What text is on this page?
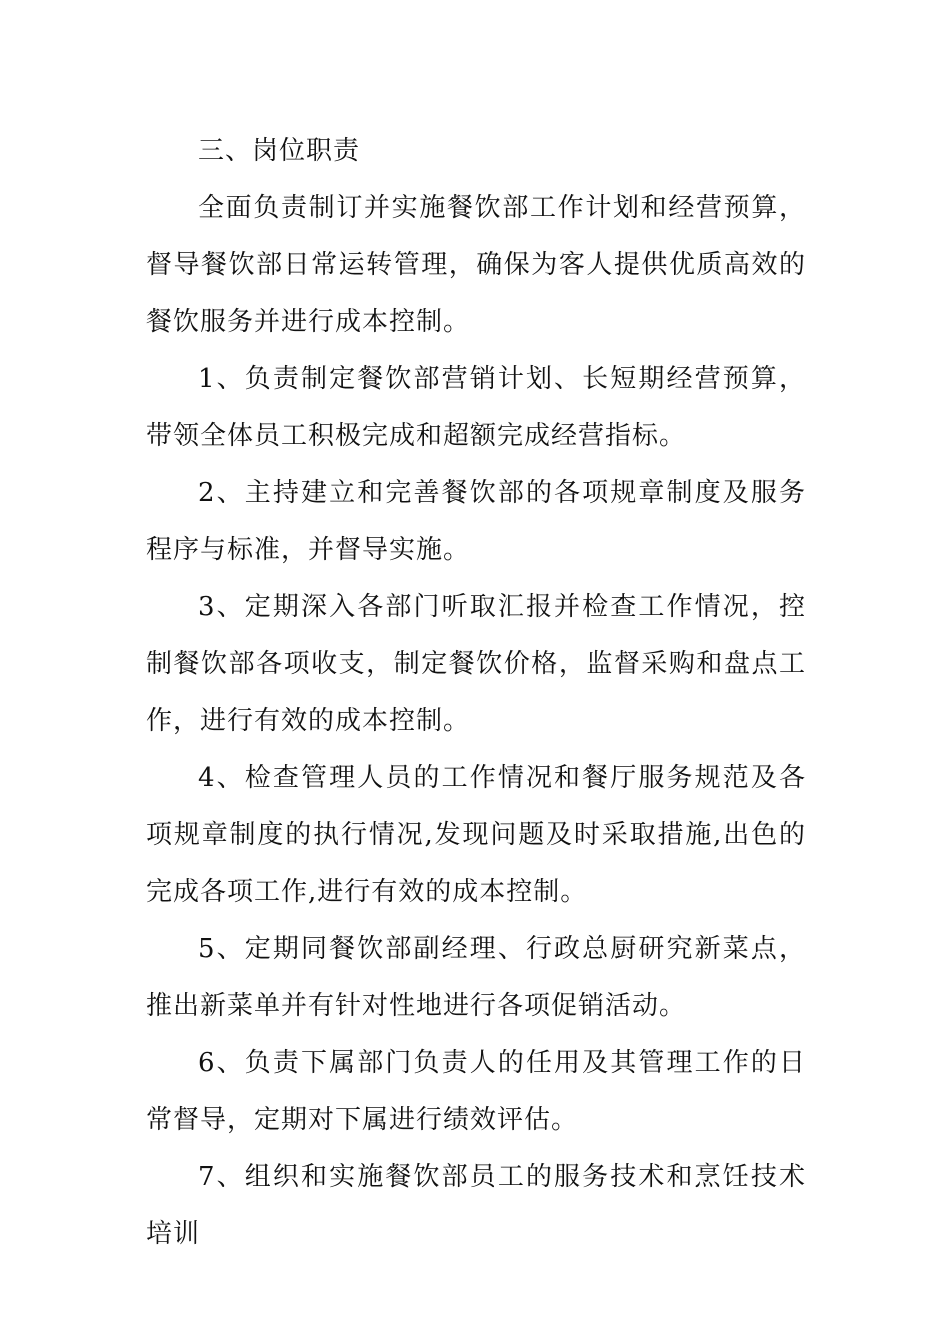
三、岗位职责

全面负责制订并实施餐饮部工作计划和经营预算，督导餐饮部日常运转管理，确保为客人提供优质高效的餐饮服务并进行成本控制。

1、负责制定餐饮部营销计划、长短期经营预算，带领全体员工积极完成和超额完成经营指标。

2、主持建立和完善餐饮部的各项规章制度及服务程序与标准，并督导实施。

3、定期深入各部门听取汇报并检查工作情况，控制餐饮部各项收支，制定餐饮价格，监督采购和盘点工作，进行有效的成本控制。

4、检查管理人员的工作情况和餐厅服务规范及各项规章制度的执行情况,发现问题及时采取措施,出色的完成各项工作,进行有效的成本控制。

5、定期同餐饮部副经理、行政总厨研究新菜点，推出新菜单并有针对性地进行各项促销活动。

6、负责下属部门负责人的任用及其管理工作的日常督导，定期对下属进行绩效评估。

7、组织和实施餐饮部员工的服务技术和烹饪技术培训
